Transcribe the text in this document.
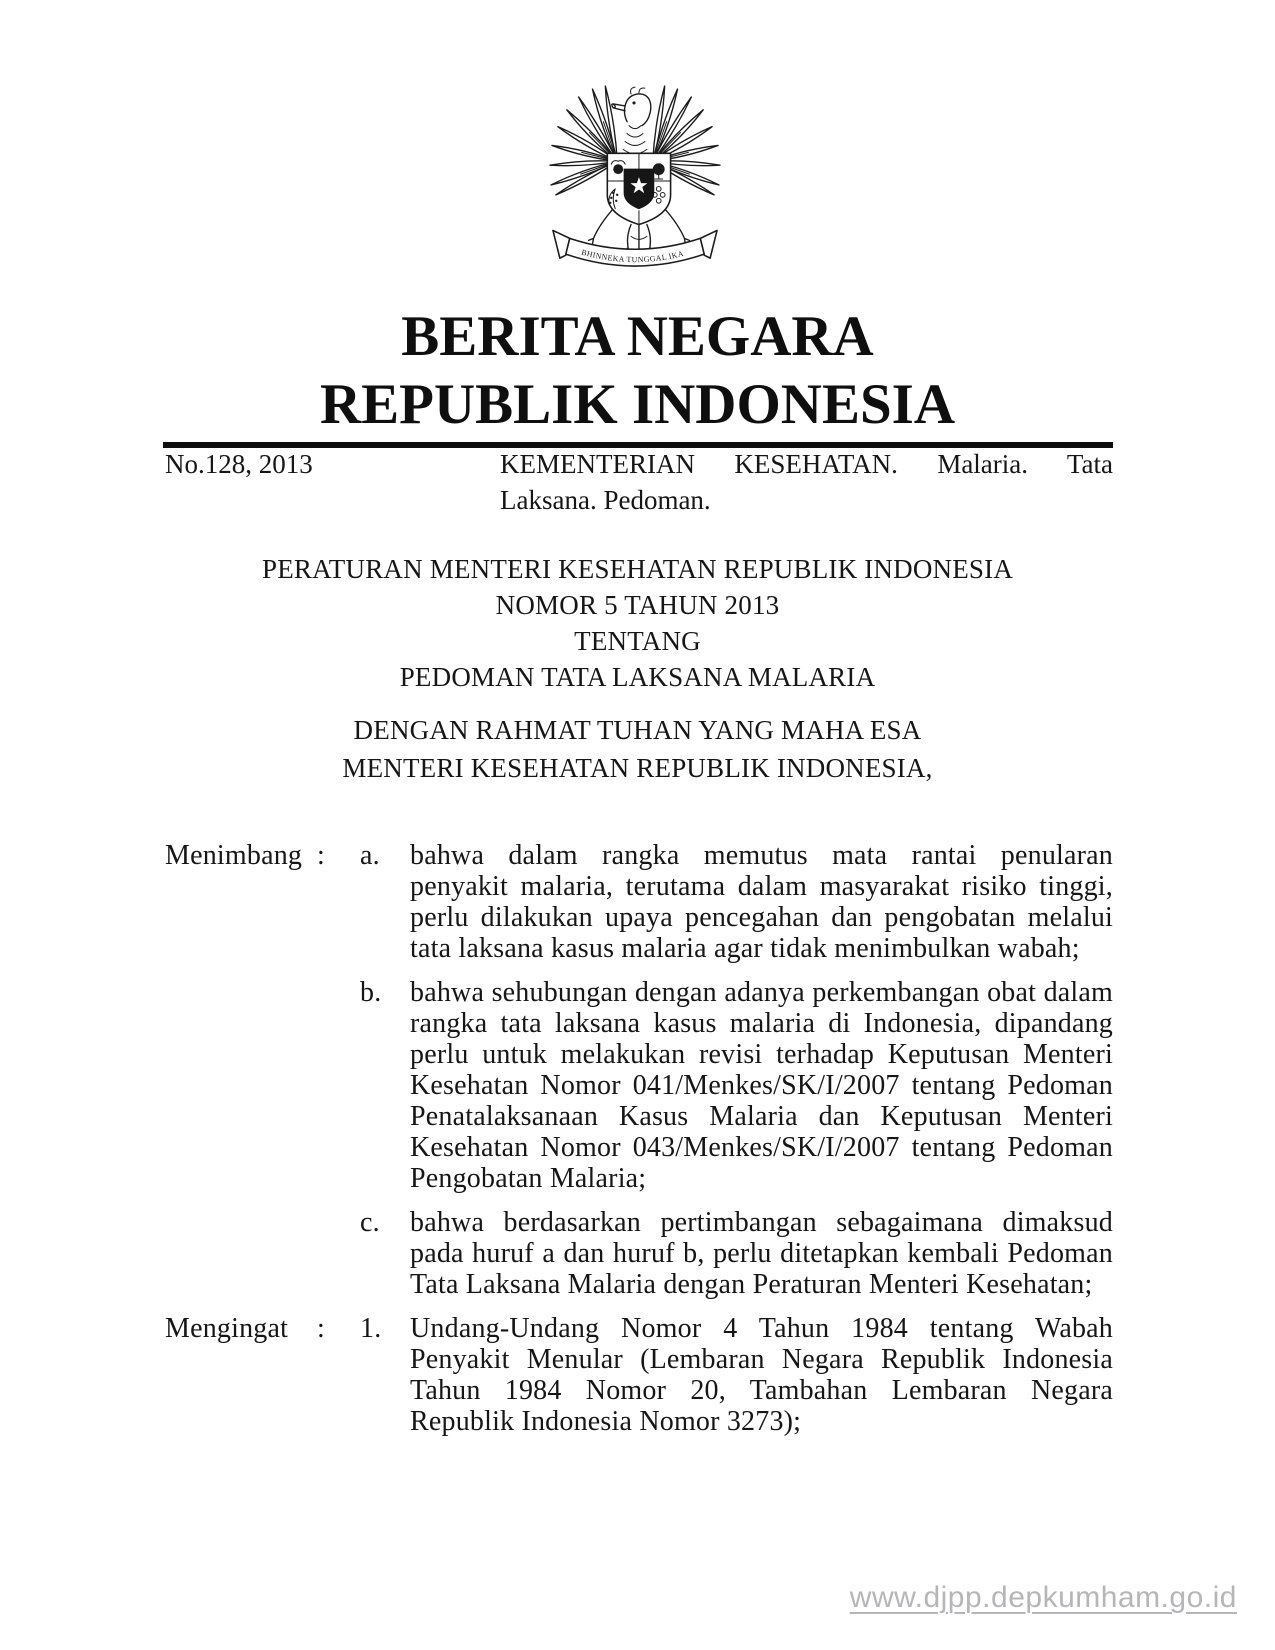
BHINNEKA TUNGGAL IKA
BERITA NEGARA
REPUBLIK INDONESIA
No.128, 2013	KEMENTERIAN KESEHATAN. Malaria. Tata Laksana. Pedoman.
PERATURAN MENTERI KESEHATAN REPUBLIK INDONESIA
NOMOR 5 TAHUN 2013
TENTANG
PEDOMAN TATA LAKSANA MALARIA
DENGAN RAHMAT TUHAN YANG MAHA ESA
MENTERI KESEHATAN REPUBLIK INDONESIA,
Menimbang :	a.	bahwa dalam rangka memutus mata rantai penularan penyakit malaria, terutama dalam masyarakat risiko tinggi, perlu dilakukan upaya pencegahan dan pengobatan melalui tata laksana kasus malaria agar tidak menimbulkan wabah;
b.	bahwa sehubungan dengan adanya perkembangan obat dalam rangka tata laksana kasus malaria di Indonesia, dipandang perlu untuk melakukan revisi terhadap Keputusan Menteri Kesehatan Nomor 041/Menkes/SK/I/2007 tentang Pedoman Penatalaksanaan Kasus Malaria dan Keputusan Menteri Kesehatan Nomor 043/Menkes/SK/I/2007 tentang Pedoman Pengobatan Malaria;
c.	bahwa berdasarkan pertimbangan sebagaimana dimaksud pada huruf a dan huruf b, perlu ditetapkan kembali Pedoman Tata Laksana Malaria dengan Peraturan Menteri Kesehatan;
Mengingat	:	1.	Undang-Undang Nomor 4 Tahun 1984 tentang Wabah Penyakit Menular (Lembaran Negara Republik Indonesia Tahun 1984 Nomor 20, Tambahan Lembaran Negara Republik Indonesia Nomor 3273);
www.djpp.depkumham.go.id
